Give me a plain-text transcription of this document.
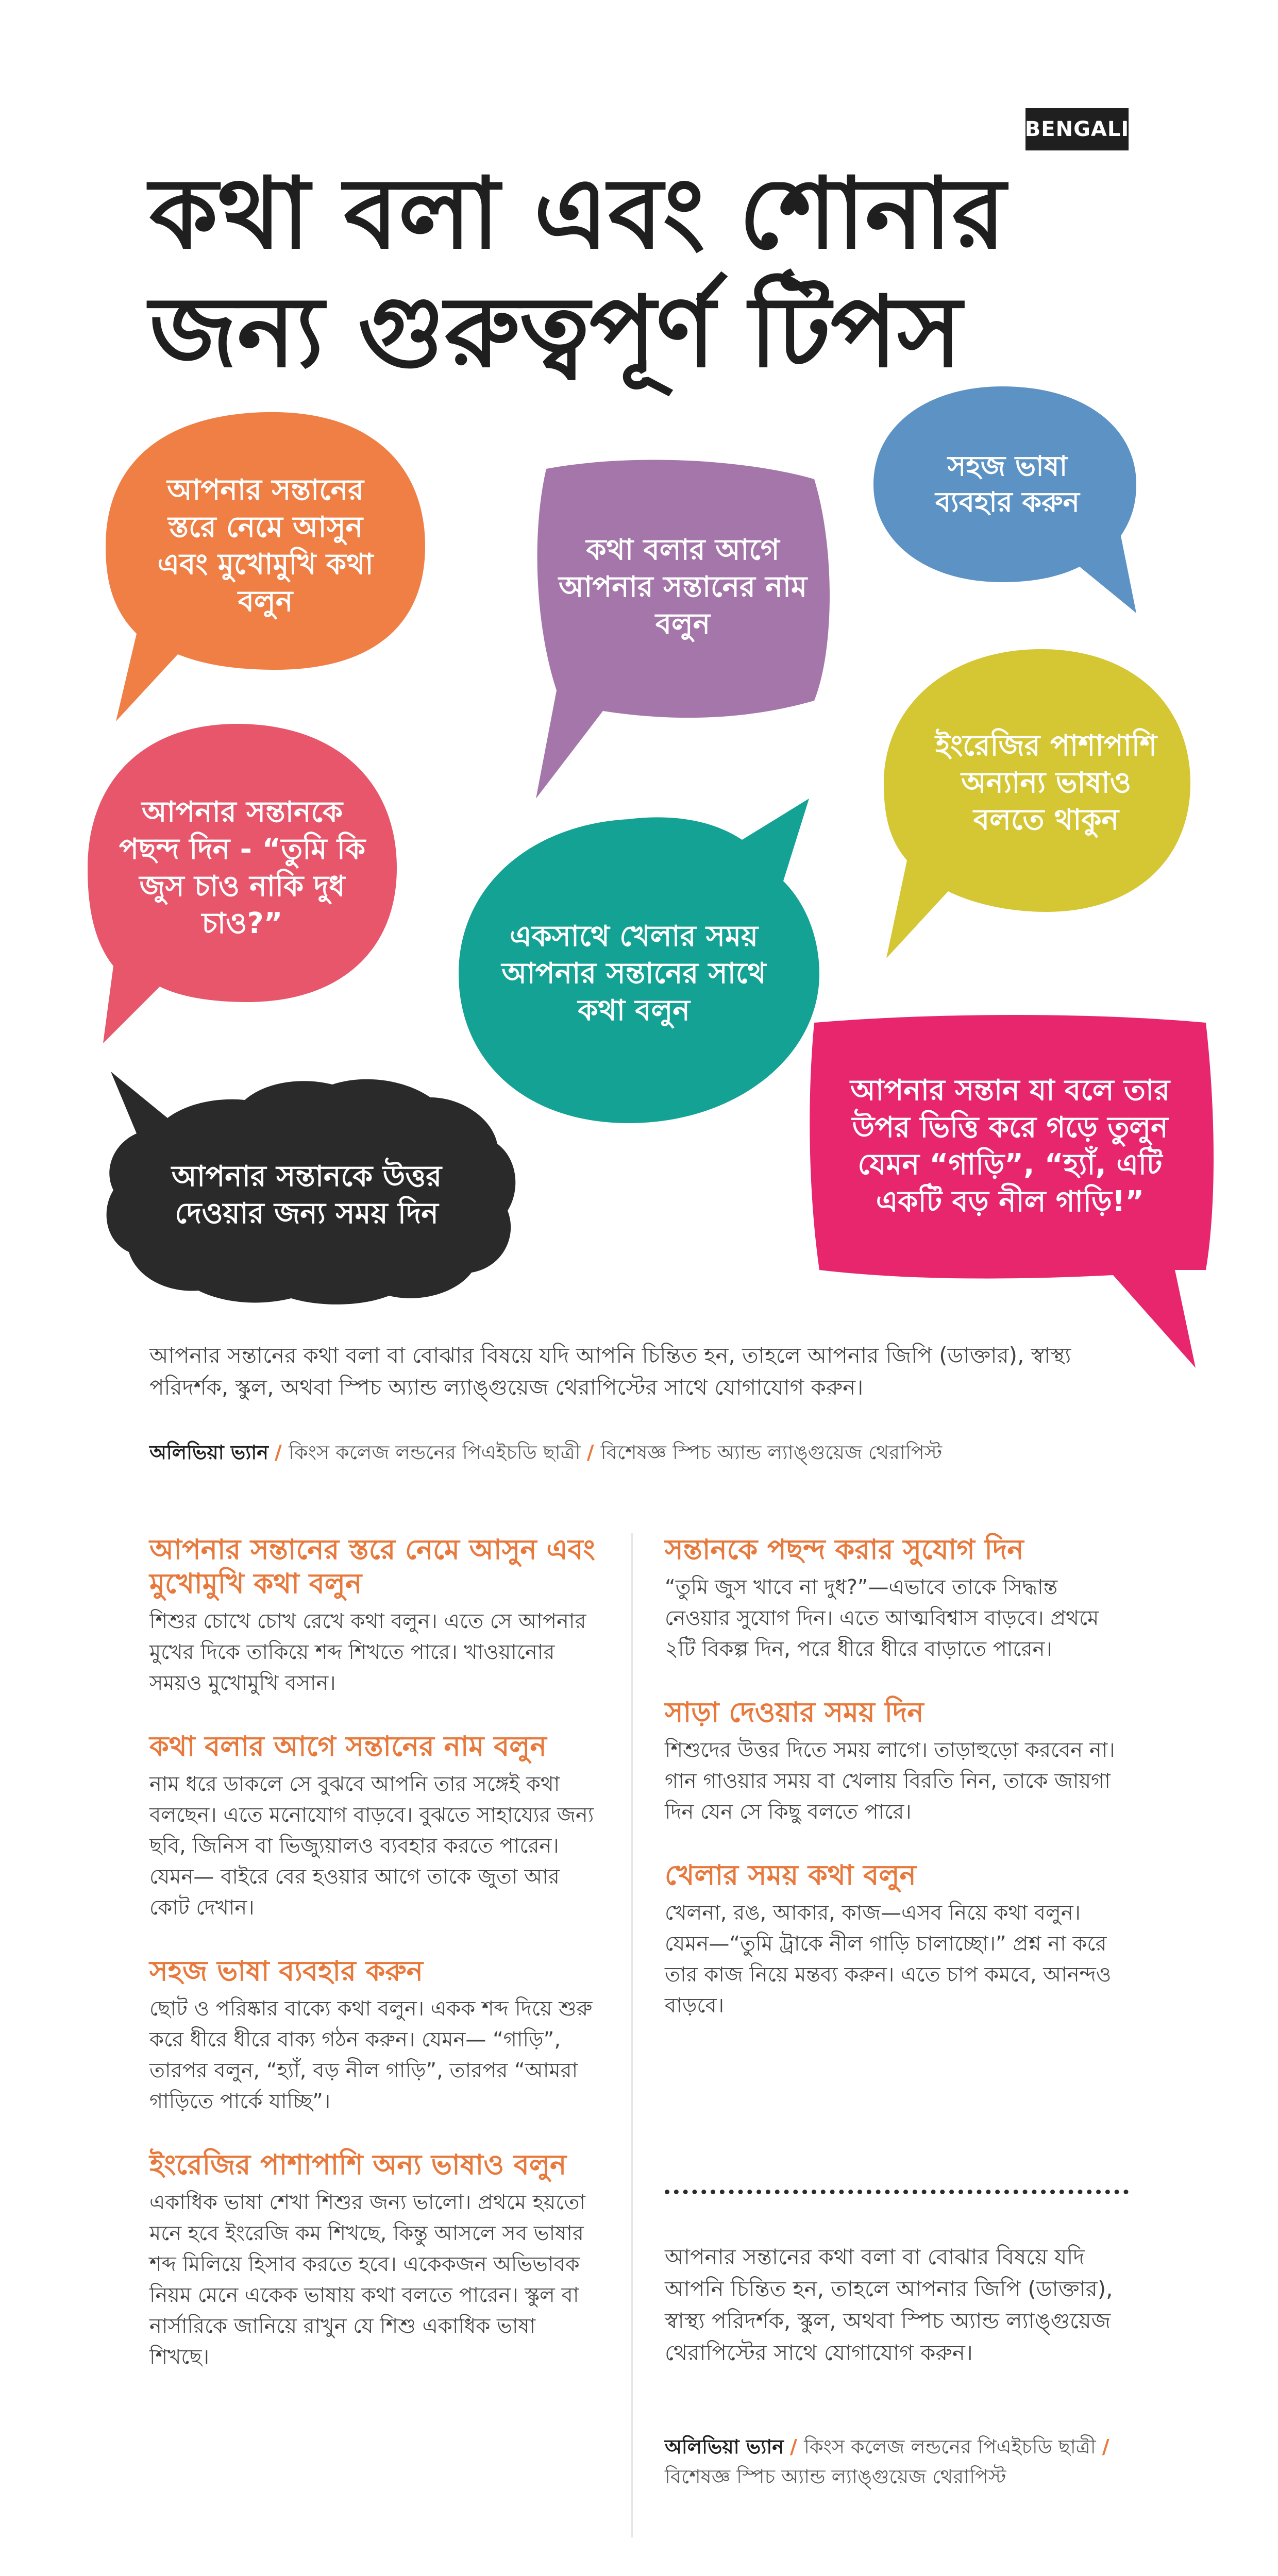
BENGALI
কথা বলা এবং শোনার জন্য গুরুত্বপূর্ণ টিপস
আপনার সন্তানের স্তরে নেমে আসুন এবং মুখোমুখি কথা বলুন
কথা বলার আগে আপনার সন্তানের নাম বলুন
সহজ ভাষা ব্যবহার করুন
ইংরেজির পাশাপাশি অন্যান্য ভাষাও বলতে থাকুন
আপনার সন্তানকে পছন্দ দিন - “তুমি কি জুস চাও নাকি দুধ চাও?”	একসাথে খেলার সময় আপনার সন্তানের সাথে কথা বলুন
আপনার সন্তানকে উত্তর দেওয়ার জন্য সময় দিন
আপনার সন্তান যা বলে তার উপর ভিত্তি করে গড়ে তুলুন যেমন “গাড়ি”, “হ্যাঁ, এটি একটি বড় নীল গাড়ি!”
আপনার সন্তানের কথা বলা বা বোঝার বিষয়ে যদি আপনি চিন্তিত হন, তাহলে আপনার জিপি (ডাক্তার), স্বাস্থ্য পরিদর্শক, স্কুল, অথবা স্পিচ অ্যান্ড ল্যাঙ্গুয়েজ থেরাপিস্টের সাথে যোগাযোগ করুন।
অলিভিয়া ভ্যান / কিংস কলেজ লন্ডনের পিএইচডি ছাত্রী / বিশেষজ্ঞ স্পিচ অ্যান্ড ল্যাঙ্গুয়েজ থেরাপিস্ট
আপনার সন্তানের স্তরে নেমে আসুন এবং মুখোমুখি কথা বলুন

শিশুর চোখে চোখ রেখে কথা বলুন। এতে সে আপনার মুখের দিকে তাকিয়ে শব্দ শিখতে পারে। খাওয়ানোর সময়ও মুখোমুখি বসান।

কথা বলার আগে সন্তানের নাম বলুন

নাম ধরে ডাকলে সে বুঝবে আপনি তার সঙ্গেই কথা বলছেন। এতে মনোযোগ বাড়বে। বুঝতে সাহায্যের জন্য ছবি, জিনিস বা ভিজ্যুয়ালও ব্যবহার করতে পারেন। যেমন— বাইরে বের হওয়ার আগে তাকে জুতা আর কোট দেখান।

সহজ ভাষা ব্যবহার করুন

ছোট ও পরিষ্কার বাক্যে কথা বলুন। একক শব্দ দিয়ে শুরু করে ধীরে ধীরে বাক্য গঠন করুন। যেমন— “গাড়ি”, তারপর বলুন, “হ্যাঁ, বড় নীল গাড়ি”, তারপর “আমরা গাড়িতে পার্কে যাচ্ছি”।

ইংরেজির পাশাপাশি অন্য ভাষাও বলুন

একাধিক ভাষা শেখা শিশুর জন্য ভালো। প্রথমে হয়তো মনে হবে ইংরেজি কম শিখছে, কিন্তু আসলে সব ভাষার শব্দ মিলিয়ে হিসাব করতে হবে। একেকজন অভিভাবক নিয়ম মেনে একেক ভাষায় কথা বলতে পারেন। স্কুল বা নার্সারিকে জানিয়ে রাখুন যে শিশু একাধিক ভাষা শিখছে।

সন্তানকে পছন্দ করার সুযোগ দিন

“তুমি জুস খাবে না দুধ?”—এভাবে তাকে সিদ্ধান্ত নেওয়ার সুযোগ দিন। এতে আত্মবিশ্বাস বাড়বে। প্রথমে ২টি বিকল্প দিন, পরে ধীরে ধীরে বাড়াতে পারেন।

সাড়া দেওয়ার সময় দিন

শিশুদের উত্তর দিতে সময় লাগে। তাড়াহুড়ো করবেন না। গান গাওয়ার সময় বা খেলায় বিরতি নিন, তাকে জায়গা দিন যেন সে কিছু বলতে পারে।

খেলার সময় কথা বলুন

খেলনা, রঙ, আকার, কাজ—এসব নিয়ে কথা বলুন। যেমন—“তুমি ট্রাকে নীল গাড়ি চালাচ্ছো।” প্রশ্ন না করে তার কাজ নিয়ে মন্তব্য করুন। এতে চাপ কমবে, আনন্দও বাড়বে।

আপনার সন্তানের কথা বলা বা বোঝার বিষয়ে যদি আপনি চিন্তিত হন, তাহলে আপনার জিপি (ডাক্তার), স্বাস্থ্য পরিদর্শক, স্কুল, অথবা স্পিচ অ্যান্ড ল্যাঙ্গুয়েজ থেরাপিস্টের সাথে যোগাযোগ করুন।
অলিভিয়া ভ্যান / কিংস কলেজ লন্ডনের পিএইচডি ছাত্রী / বিশেষজ্ঞ স্পিচ অ্যান্ড ল্যাঙ্গুয়েজ থেরাপিস্ট
